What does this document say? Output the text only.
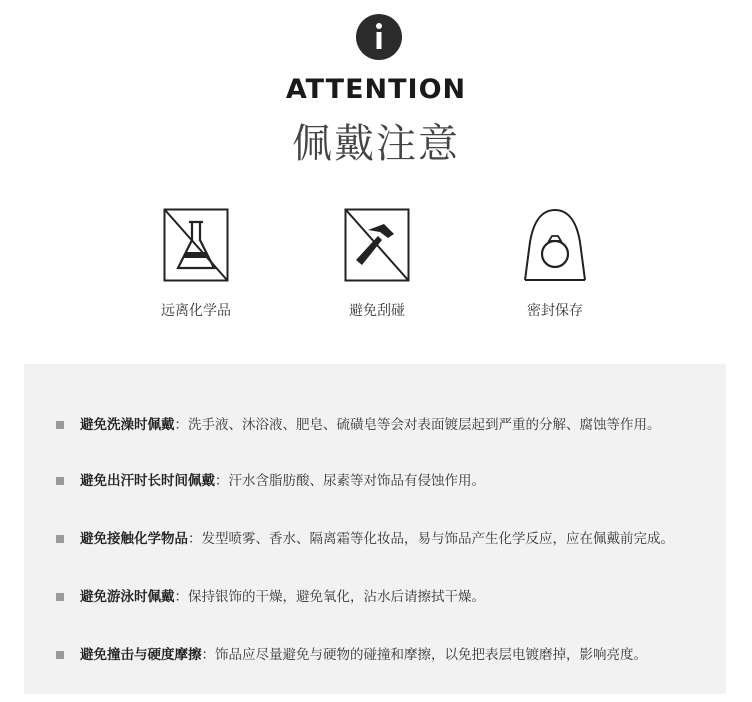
ATTENTION
佩戴注意
远离化学品	避免刮碰	密封保存
避免洗澡时佩戴：洗手液、沐浴液、肥皂、硫磺皂等会对表面镀层起到严重的分解、腐蚀等作用。
避免出汗时长时间佩戴：汗水含脂肪酸、尿素等对饰品有侵蚀作用。
避免接触化学物品：发型喷雾、香水、隔离霜等化妆品，易与饰品产生化学反应，应在佩戴前完成。
避免游泳时佩戴：保持银饰的干燥，避免氧化，沾水后请擦拭干燥。
避免撞击与硬度摩擦：饰品应尽量避免与硬物的碰撞和摩擦，以免把表层电镀磨掉，影响亮度。
